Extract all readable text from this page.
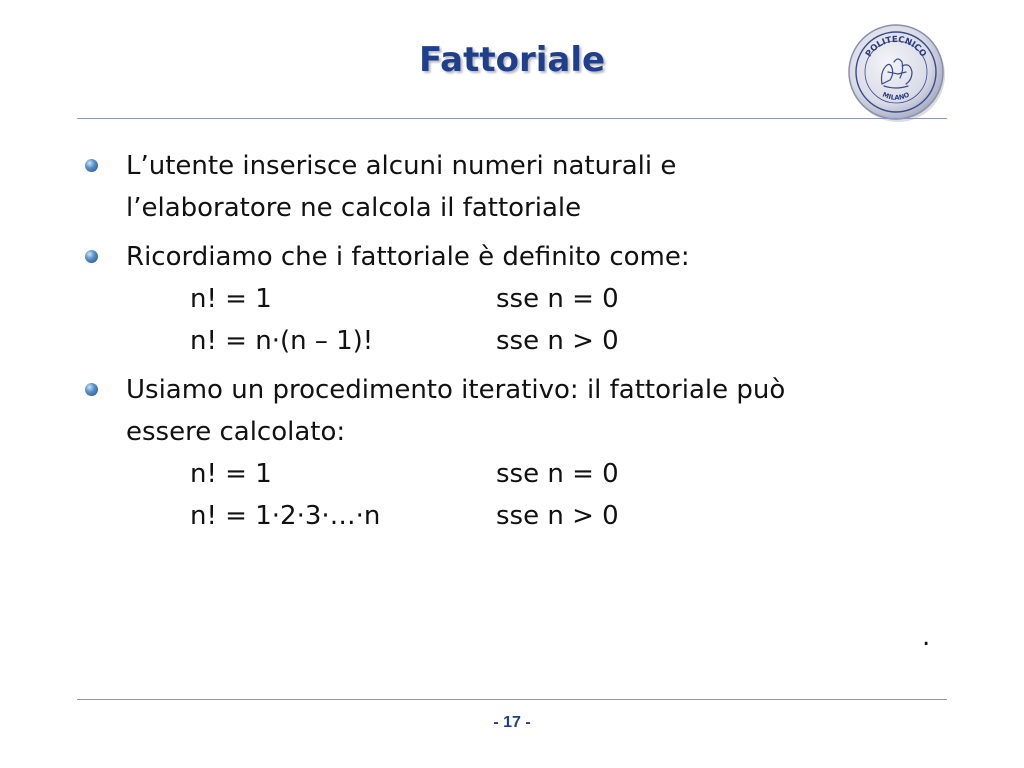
Fattoriale	POLITECNICO
MILANO
L’utente inserisce alcuni numeri naturali e
l’elaboratore ne calcola il fattoriale
Ricordiamo che i fattoriale è definito come:
n! = 1	sse n = 0
n! = n·(n – 1)!	sse n > 0
Usiamo un procedimento iterativo: il fattoriale può
essere calcolato:
n! = 1	sse n = 0
n! = 1⋅2⋅3⋅…⋅n	sse n > 0
.
- 17 -
